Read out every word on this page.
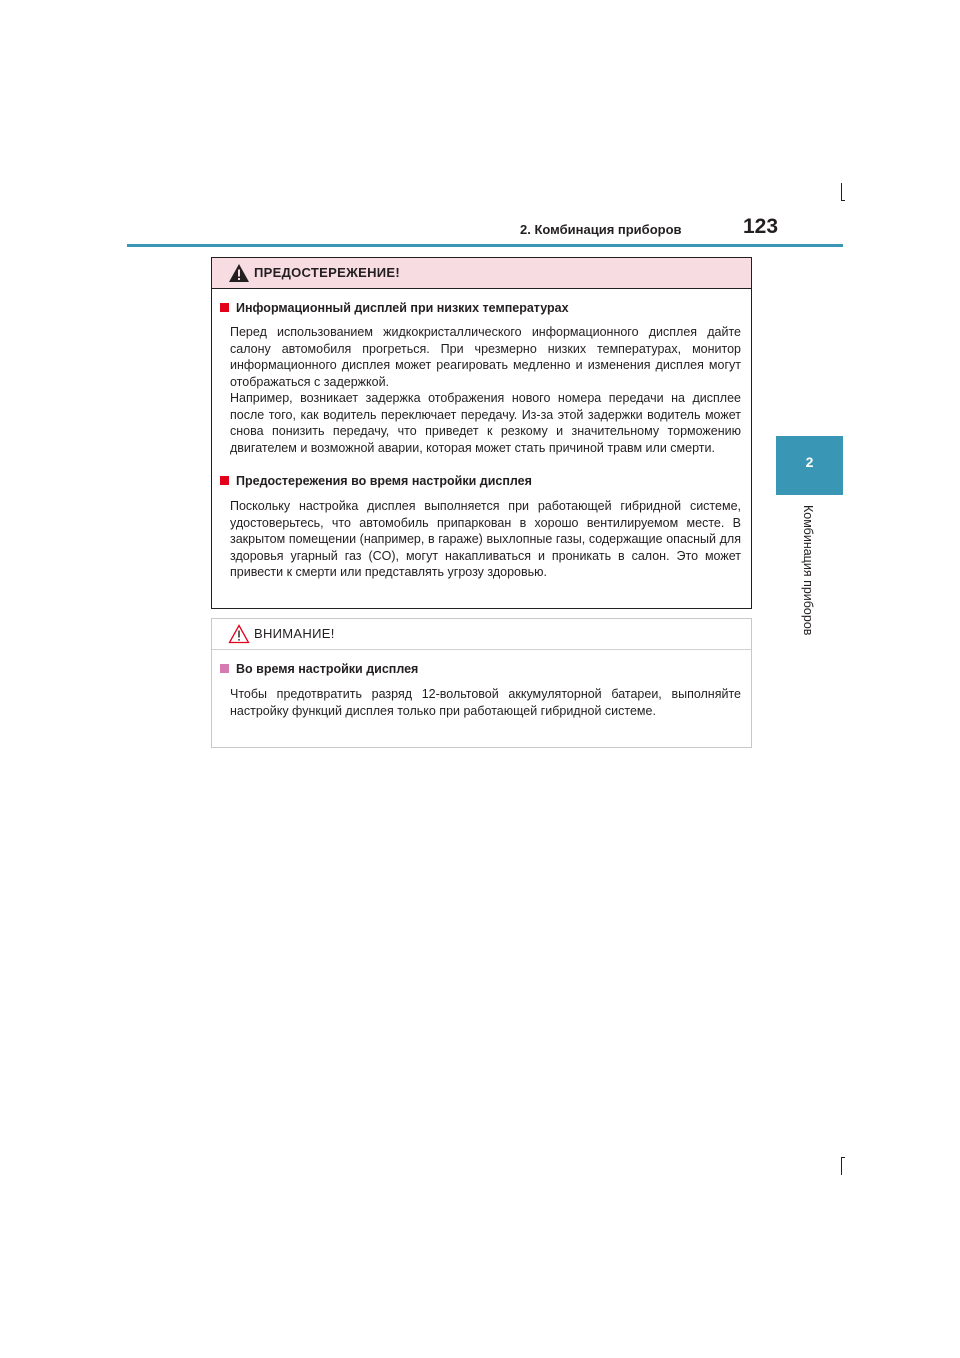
2. Комбинация приборов	123
2
Комбинация приборов
ПРЕДОСТЕРЕЖЕНИЕ!
Информационный дисплей при низких температурах
Перед использованием жидкокристаллического информационного дисплея дайте салону автомобиля прогреться. При чрезмерно низких температурах, монитор информационного дисплея может реагировать медленно и изменения дисплея могут отображаться с задержкой.
Например, возникает задержка отображения нового номера передачи на дисплее после того, как водитель переключает передачу. Из-за этой задержки водитель может снова понизить передачу, что приведет к резкому и значительному торможению двигателем и возможной аварии, которая может стать причиной травм или смерти.
Предостережения во время настройки дисплея
Поскольку настройка дисплея выполняется при работающей гибридной системе, удостоверьтесь, что автомобиль припаркован в хорошо вентилируемом месте. В закрытом помещении (например, в гараже) выхлопные газы, содержащие опасный для здоровья угарный газ (CO), могут накапливаться и проникать в салон. Это может привести к смерти или представлять угрозу здоровью.
ВНИМАНИЕ!
Во время настройки дисплея
Чтобы предотвратить разряд 12-вольтовой аккумуляторной батареи, выполняйте настройку функций дисплея только при работающей гибридной системе.
